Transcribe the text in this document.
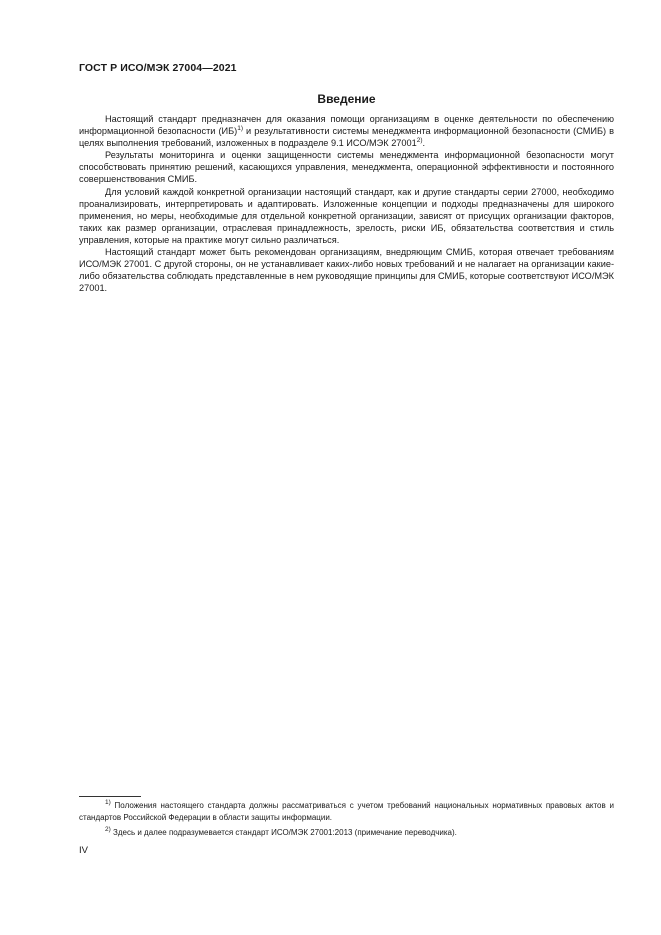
ГОСТ Р ИСО/МЭК 27004—2021
Введение

Настоящий стандарт предназначен для оказания помощи организациям в оценке деятельности по обеспечению информационной безопасности (ИБ)$^{1)}$ и результативности системы менеджмента информационной безопасности (СМИБ) в целях выполнения требований, изложенных в подразделе 9.1 ИСО/МЭК 27001$^{2)}$.

Результаты мониторинга и оценки защищенности системы менеджмента информационной безопасности могут способствовать принятию решений, касающихся управления, менеджмента, операционной эффективности и постоянного совершенствования СМИБ.

Для условий каждой конкретной организации настоящий стандарт, как и другие стандарты серии 27000, необходимо проанализировать, интерпретировать и адаптировать. Изложенные концепции и подходы предназначены для широкого применения, но меры, необходимые для отдельной конкретной организации, зависят от присущих организации факторов, таких как размер организации, отраслевая принадлежность, зрелость, риски ИБ, обязательства соответствия и стиль управления, которые на практике могут сильно различаться.

Настоящий стандарт может быть рекомендован организациям, внедряющим СМИБ, которая отвечает требованиям ИСО/МЭК 27001. С другой стороны, он не устанавливает каких-либо новых требований и не налагает на организации какие-либо обязательства соблюдать представленные в нем руководящие принципы для СМИБ, которые соответствуют ИСО/МЭК 27001.

$^{1)}$ Положения настоящего стандарта должны рассматриваться с учетом требований национальных нормативных правовых актов и стандартов Российской Федерации в области защиты информации.

$^{2)}$ Здесь и далее подразумевается стандарт ИСО/МЭК 27001:2013 (примечание переводчика).

IV
